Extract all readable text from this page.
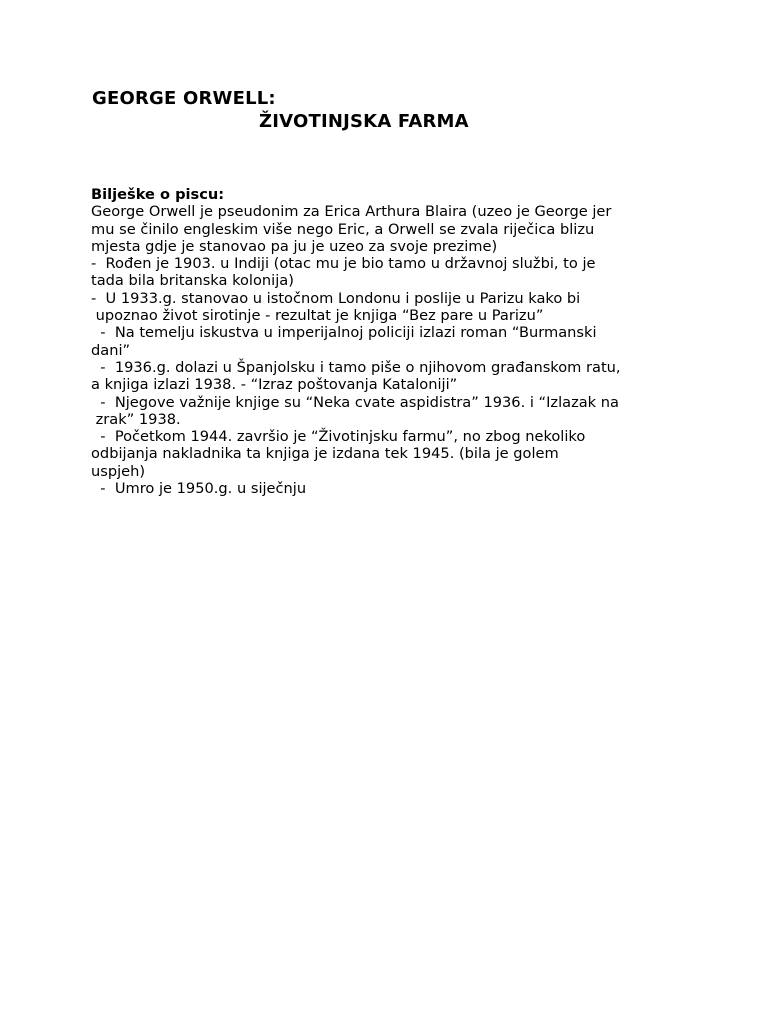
GEORGE ORWELL:
ŽIVOTINJSKA FARMA
Bilješke o piscu:
George Orwell je pseudonim za Erica Arthura Blaira (uzeo je George jer
mu se činilo engleskim više nego Eric, a Orwell se zvala riječica blizu
mjesta gdje je stanovao pa ju je uzeo za svoje prezime)
-  Rođen je 1903. u Indiji (otac mu je bio tamo u državnoj službi, to je
tada bila britanska kolonija)
-  U 1933.g. stanovao u istočnom Londonu i poslije u Parizu kako bi
upoznao život sirotinje - rezultat je knjiga “Bez pare u Parizu”
-  Na temelju iskustva u imperijalnoj policiji izlazi roman “Burmanski
dani”
-  1936.g. dolazi u Španjolsku i tamo piše o njihovom građanskom ratu,
a knjiga izlazi 1938. - “Izraz poštovanja Kataloniji”
-  Njegove važnije knjige su “Neka cvate aspidistra” 1936. i “Izlazak na
zrak” 1938.
-  Početkom 1944. završio je “Životinjsku farmu”, no zbog nekoliko
odbijanja nakladnika ta knjiga je izdana tek 1945. (bila je golem
uspjeh)
-  Umro je 1950.g. u siječnju
